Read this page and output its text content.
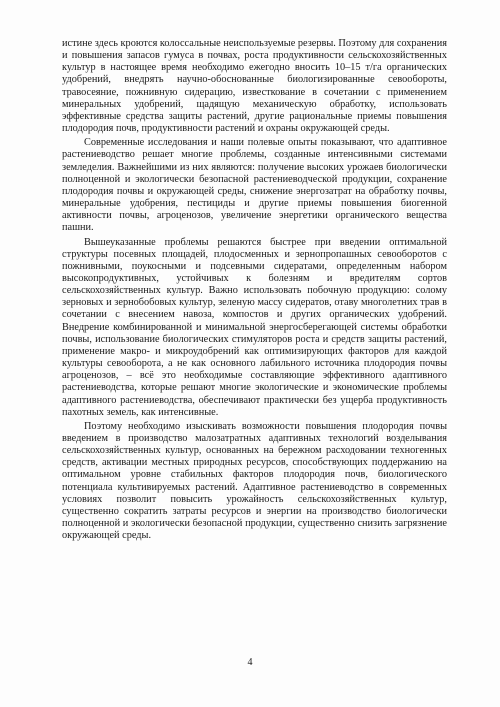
истине здесь кроются колоссальные неиспользуемые резервы. Поэтому для сохранения и повышения запасов гумуса в почвах, роста продуктивности сельскохозяйственных культур в настоящее время необходимо ежегодно вносить 10–15 т/га органических удобрений, внедрять научно-обоснованные биологизированные севообороты, травосеяние, пожнивную сидерацию, известкование в сочетании с применением минеральных удобрений, щадящую механическую обработку, использовать эффективные средства защиты растений, другие рациональные приемы повышения плодородия почв, продуктивности растений и охраны окружающей среды.

Современные исследования и наши полевые опыты показывают, что адаптивное растениеводство решает многие проблемы, созданные интенсивными системами земледелия. Важнейшими из них являются: получение высоких урожаев биологически полноценной и экологически безопасной растениеводческой продукции, сохранение плодородия почвы и окружающей среды, снижение энергозатрат на обработку почвы, минеральные удобрения, пестициды и другие приемы повышения биогенной активности почвы, агроценозов, увеличение энергетики органического вещества пашни.

Вышеуказанные проблемы решаются быстрее при введении оптимальной структуры посевных площадей, плодосменных и зернопропашных севооборотов с пожнивными, поукосными и подсевными сидератами, определенным набором высокопродуктивных, устойчивых к болезням и вредителям сортов сельскохозяйственных культур. Важно использовать побочную продукцию: солому зерновых и зернобобовых культур, зеленую массу сидератов, отаву многолетних трав в сочетании с внесением навоза, компостов и других органических удобрений. Внедрение комбинированной и минимальной энергосберегающей системы обработки почвы, использование биологических стимуляторов роста и средств защиты растений, применение макро- и микроудобрений как оптимизирующих факторов для каждой культуры севооборота, а не как основного лабильного источника плодородия почвы агроценозов, – всё это необходимые составляющие эффективного адаптивного растениеводства, которые решают многие экологические и экономические проблемы адаптивного растениеводства, обеспечивают практически без ущерба продуктивность пахотных земель, как интенсивные.

Поэтому необходимо изыскивать возможности повышения плодородия почвы введением в производство малозатратных адаптивных технологий возделывания сельскохозяйственных культур, основанных на бережном расходовании техногенных средств, активации местных природных ресурсов, способствующих поддержанию на оптимальном уровне стабильных факторов плодородия почв, биологического потенциала культивируемых растений. Адаптивное растениеводство в современных условиях позволит повысить урожайность сельскохозяйственных культур, существенно сократить затраты ресурсов и энергии на производство биологически полноценной и экологически безопасной продукции, существенно снизить загрязнение окружающей среды.

4
